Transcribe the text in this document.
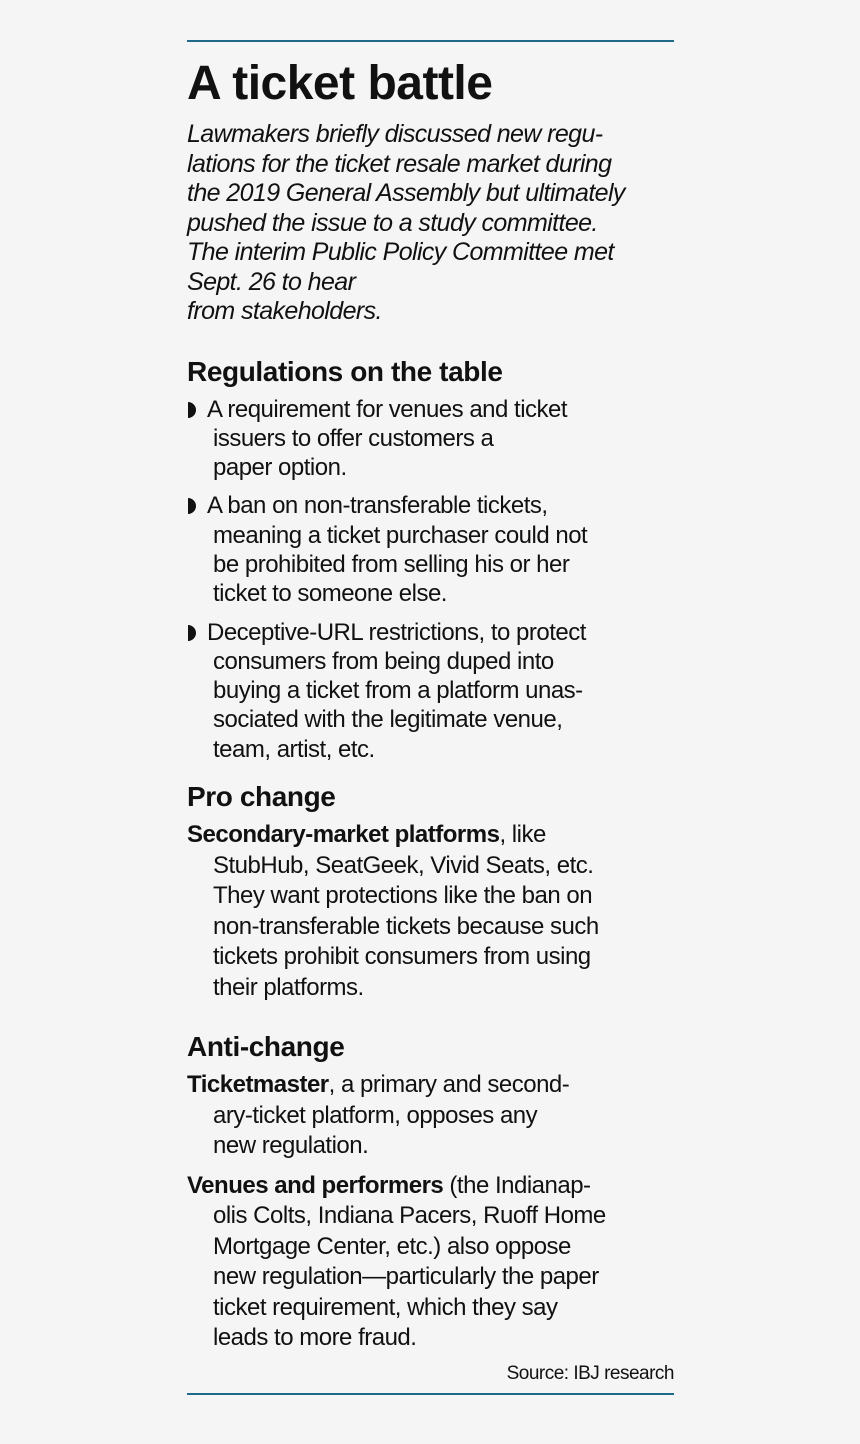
A ticket battle

Lawmakers briefly discussed new regu-
lations for the ticket resale market during
the 2019 General Assembly but ultimately
pushed the issue to a study committee.
The interim Public Policy Committee met
Sept. 26 to hear
from stakeholders.

Regulations on the table
A requirement for venues and ticket
issuers to offer customers a
paper option.
A ban on non-transferable tickets,
meaning a ticket purchaser could not
be prohibited from selling his or her
ticket to someone else.
Deceptive-URL restrictions, to protect
consumers from being duped into
buying a ticket from a platform unas-
sociated with the legitimate venue,
team, artist, etc.
Pro change
Secondary-market platforms, like
StubHub, SeatGeek, Vivid Seats, etc.
They want protections like the ban on
non-transferable tickets because such
tickets prohibit consumers from using
their platforms.
Anti-change
Ticketmaster, a primary and second-
ary-ticket platform, opposes any
new regulation.
Venues and performers (the Indianap-
olis Colts, Indiana Pacers, Ruoff Home
Mortgage Center, etc.) also oppose
new regulation—particularly the paper
ticket requirement, which they say
leads to more fraud.
Source: IBJ research
